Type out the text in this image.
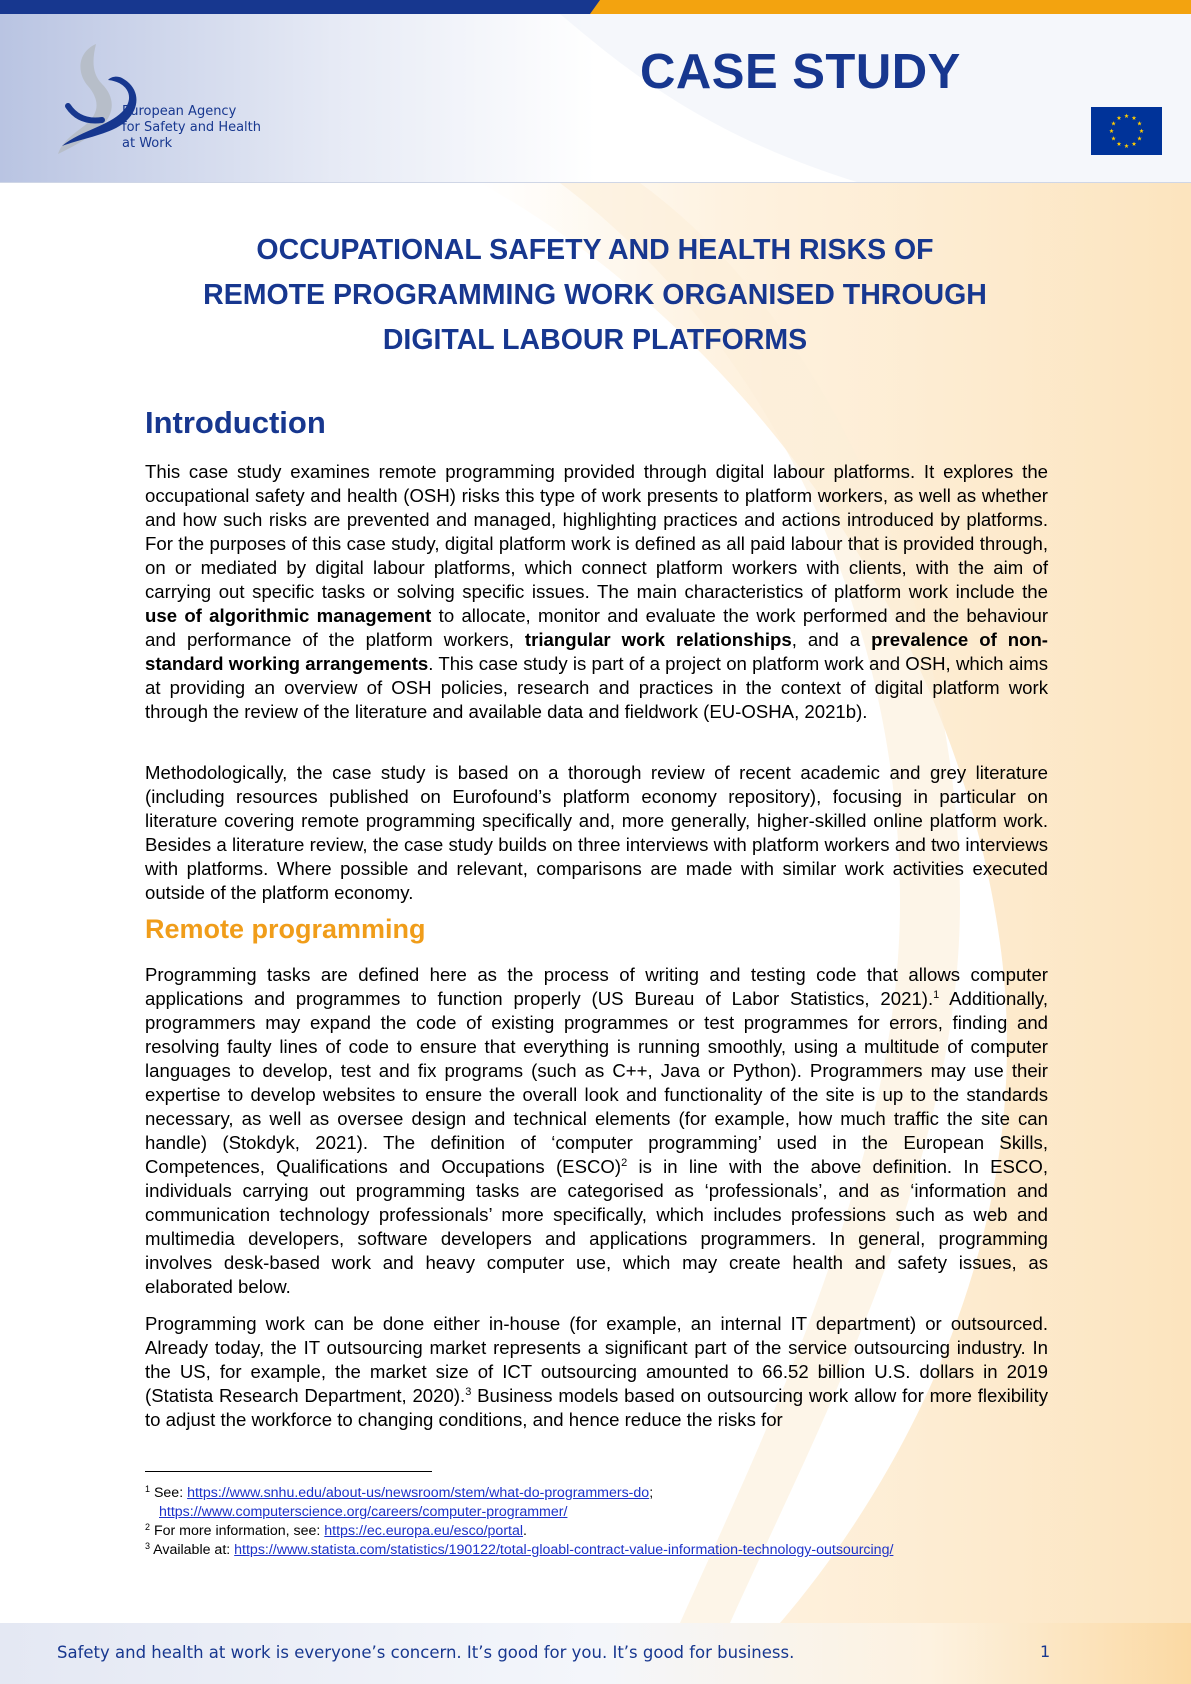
European Agency
for Safety and Health
at Work
CASE STUDY
OCCUPATIONAL SAFETY AND HEALTH RISKS OF
REMOTE PROGRAMMING WORK ORGANISED THROUGH
DIGITAL LABOUR PLATFORMS
Introduction

This case study examines remote programming provided through digital labour platforms. It explores the occupational safety and health (OSH) risks this type of work presents to platform workers, as well as whether and how such risks are prevented and managed, highlighting practices and actions introduced by platforms. For the purposes of this case study, digital platform work is defined as all paid labour that is provided through, on or mediated by digital labour platforms, which connect platform workers with clients, with the aim of carrying out specific tasks or solving specific issues. The main characteristics of platform work include the use of algorithmic management to allocate, monitor and evaluate the work performed and the behaviour and performance of the platform workers, triangular work relationships, and a prevalence of non-standard working arrangements. This case study is part of a project on platform work and OSH, which aims at providing an overview of OSH policies, research and practices in the context of digital platform work through the review of the literature and available data and fieldwork (EU-OSHA, 2021b).

Methodologically, the case study is based on a thorough review of recent academic and grey literature (including resources published on Eurofound’s platform economy repository), focusing in particular on literature covering remote programming specifically and, more generally, higher-skilled online platform work. Besides a literature review, the case study builds on three interviews with platform workers and two interviews with platforms. Where possible and relevant, comparisons are made with similar work activities executed outside of the platform economy.

Remote programming

Programming tasks are defined here as the process of writing and testing code that allows computer applications and programmes to function properly (US Bureau of Labor Statistics, 2021).$^1$ Additionally, programmers may expand the code of existing programmes or test programmes for errors, finding and resolving faulty lines of code to ensure that everything is running smoothly, using a multitude of computer languages to develop, test and fix programs (such as C++, Java or Python). Programmers may use their expertise to develop websites to ensure the overall look and functionality of the site is up to the standards necessary, as well as oversee design and technical elements (for example, how much traffic the site can handle) (Stokdyk, 2021). The definition of ‘computer programming’ used in the European Skills, Competences, Qualifications and Occupations (ESCO)$^2$ is in line with the above definition. In ESCO, individuals carrying out programming tasks are categorised as ‘professionals’, and as ‘information and communication technology professionals’ more specifically, which includes professions such as web and multimedia developers, software developers and applications programmers. In general, programming involves desk-based work and heavy computer use, which may create health and safety issues, as elaborated below.

Programming work can be done either in-house (for example, an internal IT department) or outsourced. Already today, the IT outsourcing market represents a significant part of the service outsourcing industry. In the US, for example, the market size of ICT outsourcing amounted to 66.52 billion U.S. dollars in 2019 (Statista Research Department, 2020).$^3$ Business models based on outsourcing work allow for more flexibility to adjust the workforce to changing conditions, and hence reduce the risks for

$^1$ See: https://www.snhu.edu/about-us/newsroom/stem/what-do-programmers-do;
https://www.computerscience.org/careers/computer-programmer/

$^2$ For more information, see: https://ec.europa.eu/esco/portal.

$^3$ Available at: https://www.statista.com/statistics/190122/total-gloabl-contract-value-information-technology-outsourcing/

Safety and health at work is everyone’s concern. It’s good for you. It’s good for business.	1
